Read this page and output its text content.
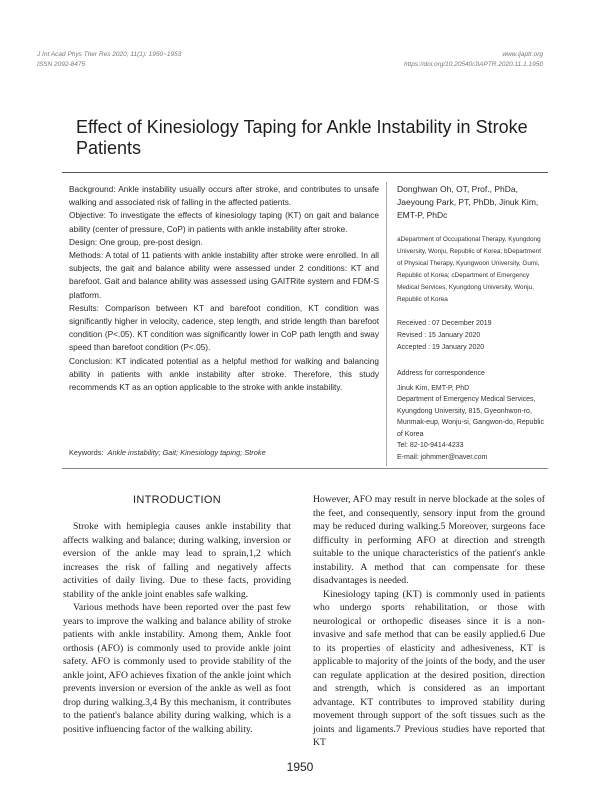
J Int Acad Phys Ther Res 2020; 11(1): 1950~1953
ISSN 2092-8475
www.ijaptr.org
https://doi.org/10.20540/JIAPTR.2020.11.1.1950
Effect of Kinesiology Taping for Ankle Instability in Stroke Patients

Background: Ankle instability usually occurs after stroke, and contributes to unsafe walking and associated risk of falling in the affected patients.

Objective: To investigate the effects of kinesiology taping (KT) on gait and balance ability (center of pressure, CoP) in patients with ankle instability after stroke.

Design: One group, pre-post design.

Methods: A total of 11 patients with ankle instability after stroke were enrolled. In all subjects, the gait and balance ability were assessed under 2 conditions: KT and barefoot. Gait and balance ability was assessed using GAITRite system and FDM-S platform.

Results: Comparison between KT and barefoot condition, KT condition was significantly higher in velocity, cadence, step length, and stride length than barefoot condition (P<.05). KT condition was significantly lower in CoP path length and sway speed than barefoot condition (P<.05).

Conclusion: KT indicated potential as a helpful method for walking and balancing ability in patients with ankle instability after stroke. Therefore, this study recommends KT as an option applicable to the stroke with ankle instability.

Keywords: Ankle instability; Gait; Kinesiology taping; Stroke
Donghwan Oh, OT, Prof., PhDa, Jaeyoung Park, PT, PhDb, Jinuk Kim, EMT-P, PhDc
aDepartment of Occupational Therapy, Kyungdong University, Wonju, Republic of Korea; bDepartment of Physical Therapy, Kyungwoon University, Gumi, Republic of Korea; cDepartment of Emergency Medical Services, Kyungdong University, Wonju, Republic of Korea
Received : 07 December 2019
Revised : 15 January 2020
Accepted : 19 January 2020
Address for correspondence
Jinuk Kim, EMT-P, PhD
Department of Emergency Medical Services, Kyungdong University, 815, Gyeonhwon-ro, Munmak-eup, Wonju-si, Gangwon-do, Republic of Korea
Tel: 82-10-9414-4233
E-mail: johmmer@naver.com
INTRODUCTION

Stroke with hemiplegia causes ankle instability that affects walking and balance; during walking, inversion or eversion of the ankle may lead to sprain,1,2 which increases the risk of falling and negatively affects activities of daily living. Due to these facts, providing stability of the ankle joint enables safe walking.

Various methods have been reported over the past few years to improve the walking and balance ability of stroke patients with ankle instability. Among them, Ankle foot orthosis (AFO) is commonly used to provide ankle joint safety. AFO is commonly used to provide stability of the ankle joint, AFO achieves fixation of the ankle joint which prevents inversion or eversion of the ankle as well as foot drop during walking.3,4 By this mechanism, it contributes to the patient's balance ability during walking, which is a positive influencing factor of the walking ability.

However, AFO may result in nerve blockade at the soles of the feet, and consequently, sensory input from the ground may be reduced during walking.5 Moreover, surgeons face difficulty in performing AFO at direction and strength suitable to the unique characteristics of the patient's ankle instability. A method that can compensate for these disadvantages is needed.

Kinesiology taping (KT) is commonly used in patients who undergo sports rehabilitation, or those with neurological or orthopedic diseases since it is a non-invasive and safe method that can be easily applied.6 Due to its properties of elasticity and adhesiveness, KT is applicable to majority of the joints of the body, and the user can regulate application at the desired position, direction and strength, which is considered as an important advantage. KT contributes to improved stability during movement through support of the soft tissues such as the joints and ligaments.7 Previous studies have reported that KT

1950
